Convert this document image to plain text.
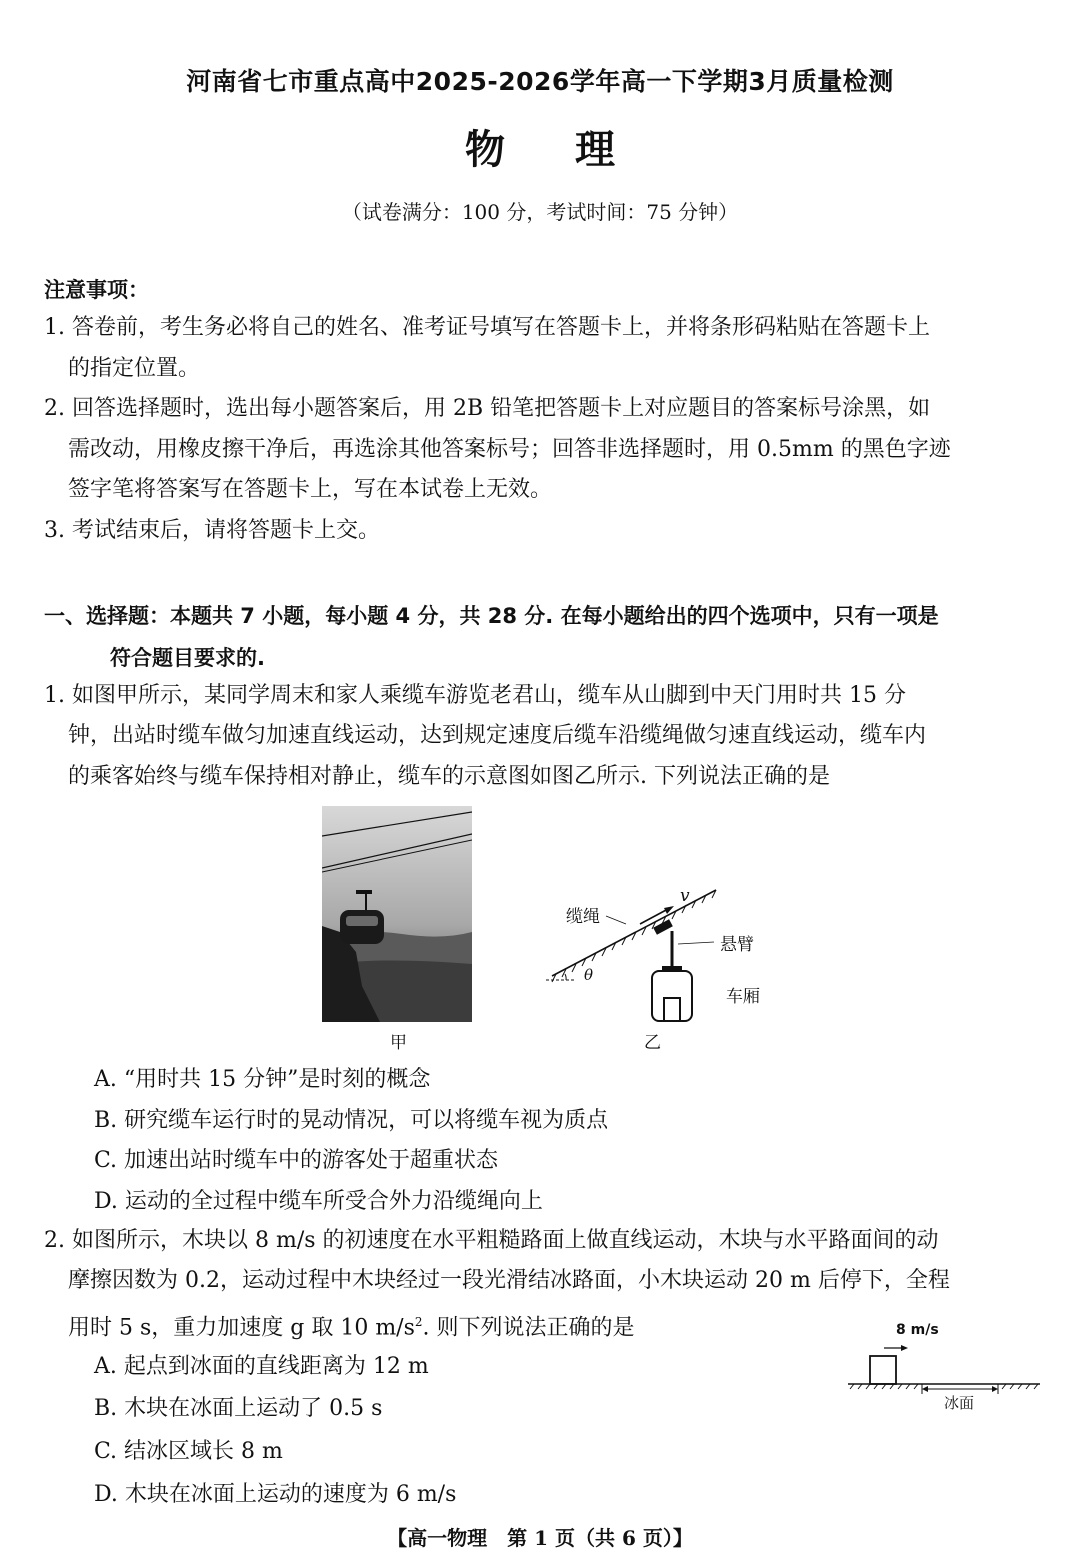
河南省七市重点高中2025-2026学年高一下学期3月质量检测
物理
（试卷满分：100 分，考试时间：75 分钟）
注意事项：
1. 答卷前，考生务必将自己的姓名、准考证号填写在答题卡上，并将条形码粘贴在答题卡上
的指定位置。
2. 回答选择题时，选出每小题答案后，用 2B 铅笔把答题卡上对应题目的答案标号涂黑，如
需改动，用橡皮擦干净后，再选涂其他答案标号；回答非选择题时，用 0.5mm 的黑色字迹
签字笔将答案写在答题卡上，写在本试卷上无效。
3. 考试结束后，请将答题卡上交。
一、选择题：本题共 7 小题，每小题 4 分，共 28 分. 在每小题给出的四个选项中，只有一项是
符合题目要求的.
1. 如图甲所示，某同学周末和家人乘缆车游览老君山，缆车从山脚到中天门用时共 15 分
钟，出站时缆车做匀加速直线运动，达到规定速度后缆车沿缆绳做匀速直线运动，缆车内
的乘客始终与缆车保持相对静止，缆车的示意图如图乙所示. 下列说法正确的是
甲
缆绳
悬臂
车厢
v
θ
乙
A. “用时共 15 分钟”是时刻的概念
B. 研究缆车运行时的晃动情况，可以将缆车视为质点
C. 加速出站时缆车中的游客处于超重状态
D. 运动的全过程中缆车所受合外力沿缆绳向上
2. 如图所示，木块以 8 m/s 的初速度在水平粗糙路面上做直线运动，木块与水平路面间的动
摩擦因数为 0.2，运动过程中木块经过一段光滑结冰路面，小木块运动 20 m 后停下，全程
用时 5 s，重力加速度 g 取 10 $m/s^2$. 则下列说法正确的是
A. 起点到冰面的直线距离为 12 m
B. 木块在冰面上运动了 0.5 s
C. 结冰区域长 8 m
D. 木块在冰面上运动的速度为 6 m/s
8 m/s
冰面
【高一物理　第 1 页（共 6 页）】
